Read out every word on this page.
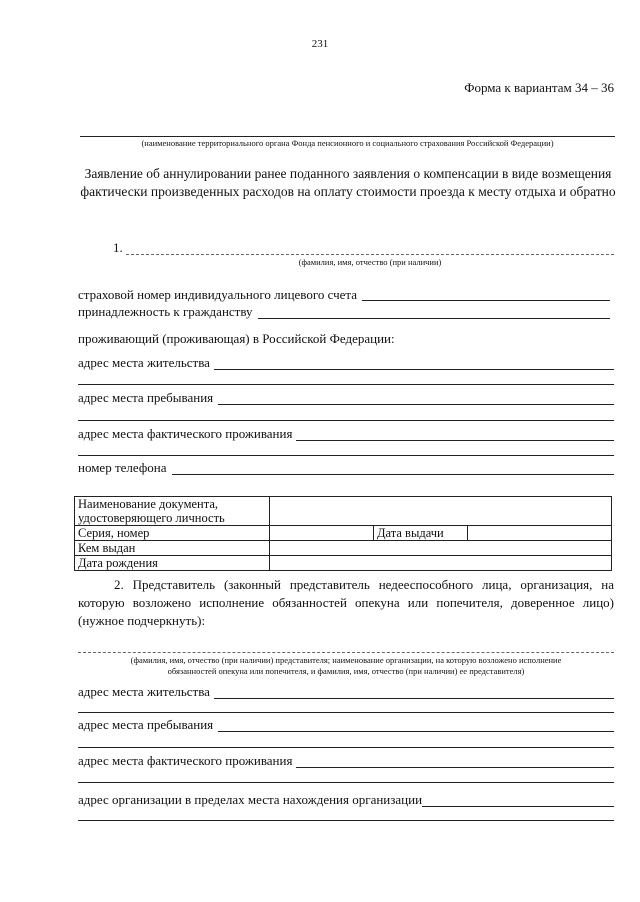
231
Форма к вариантам 34 – 36
(наименование территориального органа Фонда пенсионного и социального страхования Российской Федерации)
Заявление об аннулировании ранее поданного заявления о компенсации в виде возмещения фактически произведенных расходов на оплату стоимости проезда к месту отдыха и обратно
1.
(фамилия, имя, отчество (при наличии)
страховой номер индивидуального лицевого счета
принадлежность к гражданству
проживающий (проживающая) в Российской Федерации:
адрес места жительства
адрес места пребывания
адрес места фактического проживания
номер телефона
Наименование документа,
удостоверяющего личность			

Серия, номер		Дата выдачи	
Кем выдан			
Дата рождения			
2. Представитель (законный представитель недееспособного лица, организация, на которую возложено исполнение обязанностей опекуна или попечителя, доверенное лицо) (нужное подчеркнуть):
(фамилия, имя, отчество (при наличии) представителя; наименование организации, на которую возложено исполнение
обязанностей опекуна или попечителя, и фамилия, имя, отчество (при наличии) ее представителя)
адрес места жительства
адрес места пребывания
адрес места фактического проживания
адрес организации в пределах места нахождения организации
